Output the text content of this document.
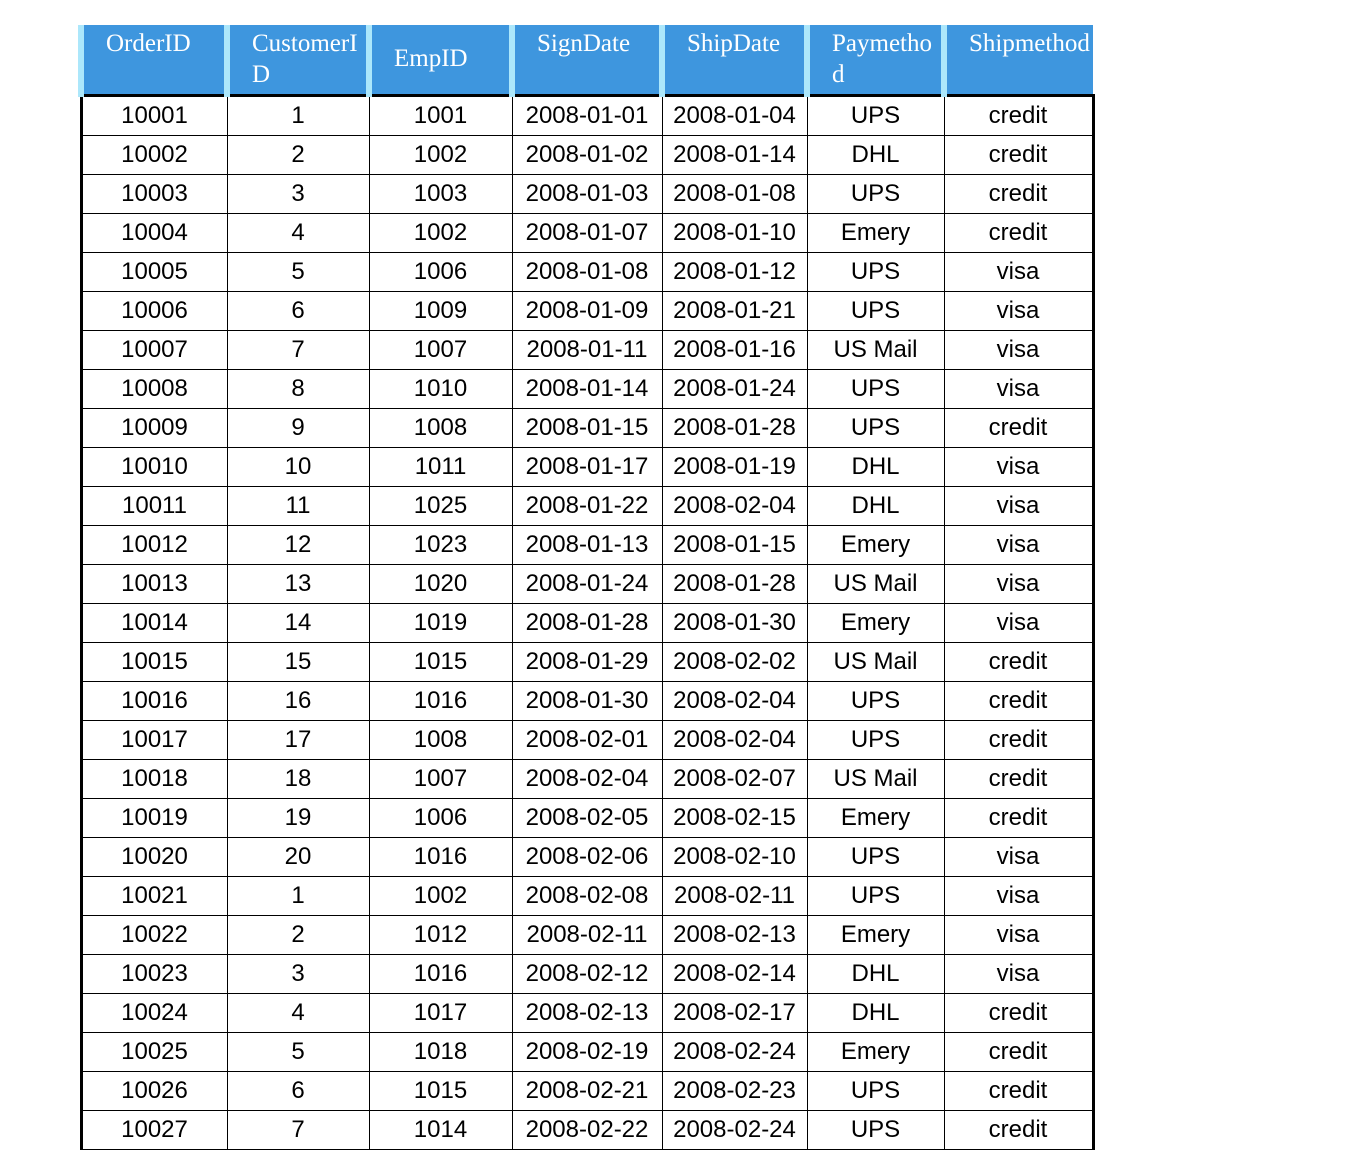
OrderID	CustomerID	EmpID	SignDate	ShipDate	Paymethod	Shipmethod
10001	1	1001	2008-01-01	2008-01-04	UPS	credit
10002	2	1002	2008-01-02	2008-01-14	DHL	credit
10003	3	1003	2008-01-03	2008-01-08	UPS	credit
10004	4	1002	2008-01-07	2008-01-10	Emery	credit
10005	5	1006	2008-01-08	2008-01-12	UPS	visa
10006	6	1009	2008-01-09	2008-01-21	UPS	visa
10007	7	1007	2008-01-11	2008-01-16	US Mail	visa
10008	8	1010	2008-01-14	2008-01-24	UPS	visa
10009	9	1008	2008-01-15	2008-01-28	UPS	credit
10010	10	1011	2008-01-17	2008-01-19	DHL	visa
10011	11	1025	2008-01-22	2008-02-04	DHL	visa
10012	12	1023	2008-01-13	2008-01-15	Emery	visa
10013	13	1020	2008-01-24	2008-01-28	US Mail	visa
10014	14	1019	2008-01-28	2008-01-30	Emery	visa
10015	15	1015	2008-01-29	2008-02-02	US Mail	credit
10016	16	1016	2008-01-30	2008-02-04	UPS	credit
10017	17	1008	2008-02-01	2008-02-04	UPS	credit
10018	18	1007	2008-02-04	2008-02-07	US Mail	credit
10019	19	1006	2008-02-05	2008-02-15	Emery	credit
10020	20	1016	2008-02-06	2008-02-10	UPS	visa
10021	1	1002	2008-02-08	2008-02-11	UPS	visa
10022	2	1012	2008-02-11	2008-02-13	Emery	visa
10023	3	1016	2008-02-12	2008-02-14	DHL	visa
10024	4	1017	2008-02-13	2008-02-17	DHL	credit
10025	5	1018	2008-02-19	2008-02-24	Emery	credit
10026	6	1015	2008-02-21	2008-02-23	UPS	credit
10027	7	1014	2008-02-22	2008-02-24	UPS	credit
